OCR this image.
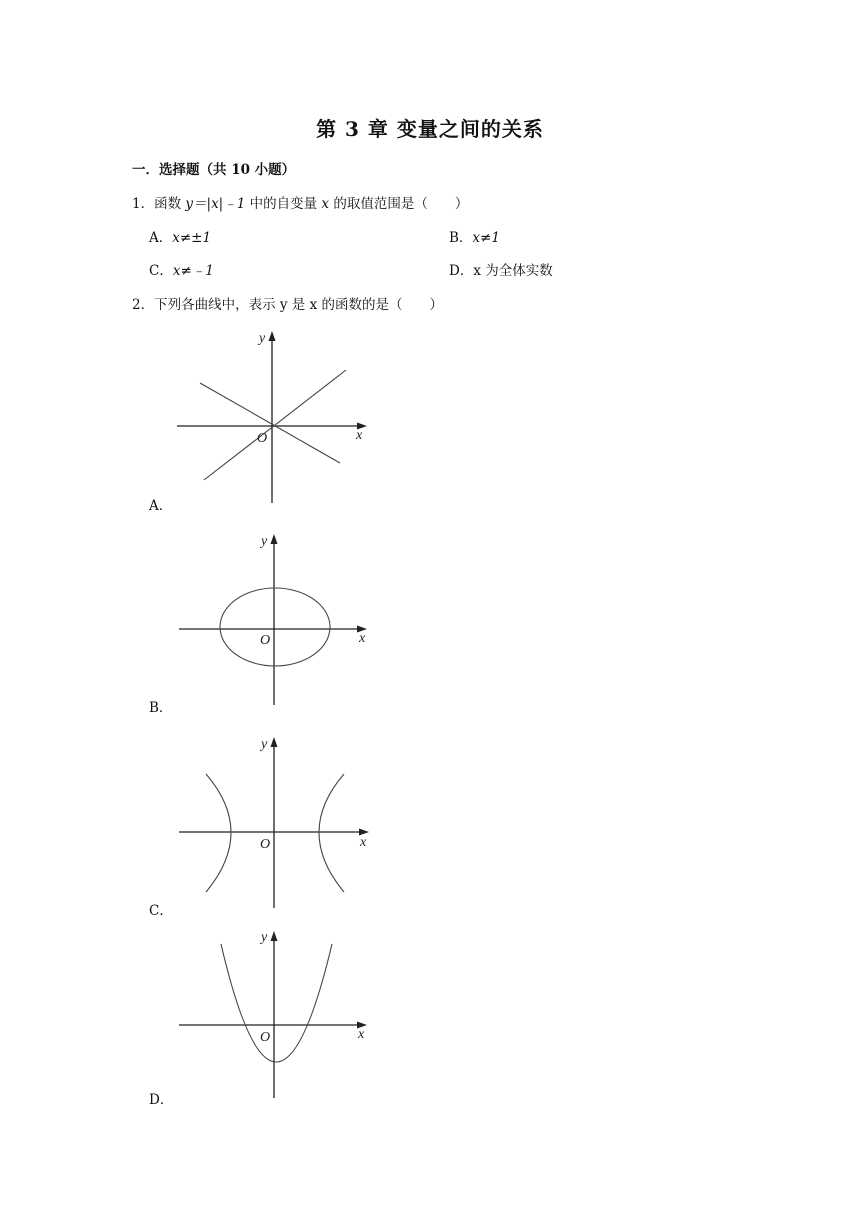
第 3 章 变量之间的关系
一．选择题（共 10 小题）
1．函数 y＝|x|﹣1 中的自变量 x 的取值范围是（　　）
A．x≠±1	B．x≠1
C．x≠﹣1	D．x 为全体实数
2．下列各曲线中，表示 y 是 x 的函数的是（　　）
x
y
O
A．
x
y
O
B．
x
y
O
C．
x
y
O
D．
